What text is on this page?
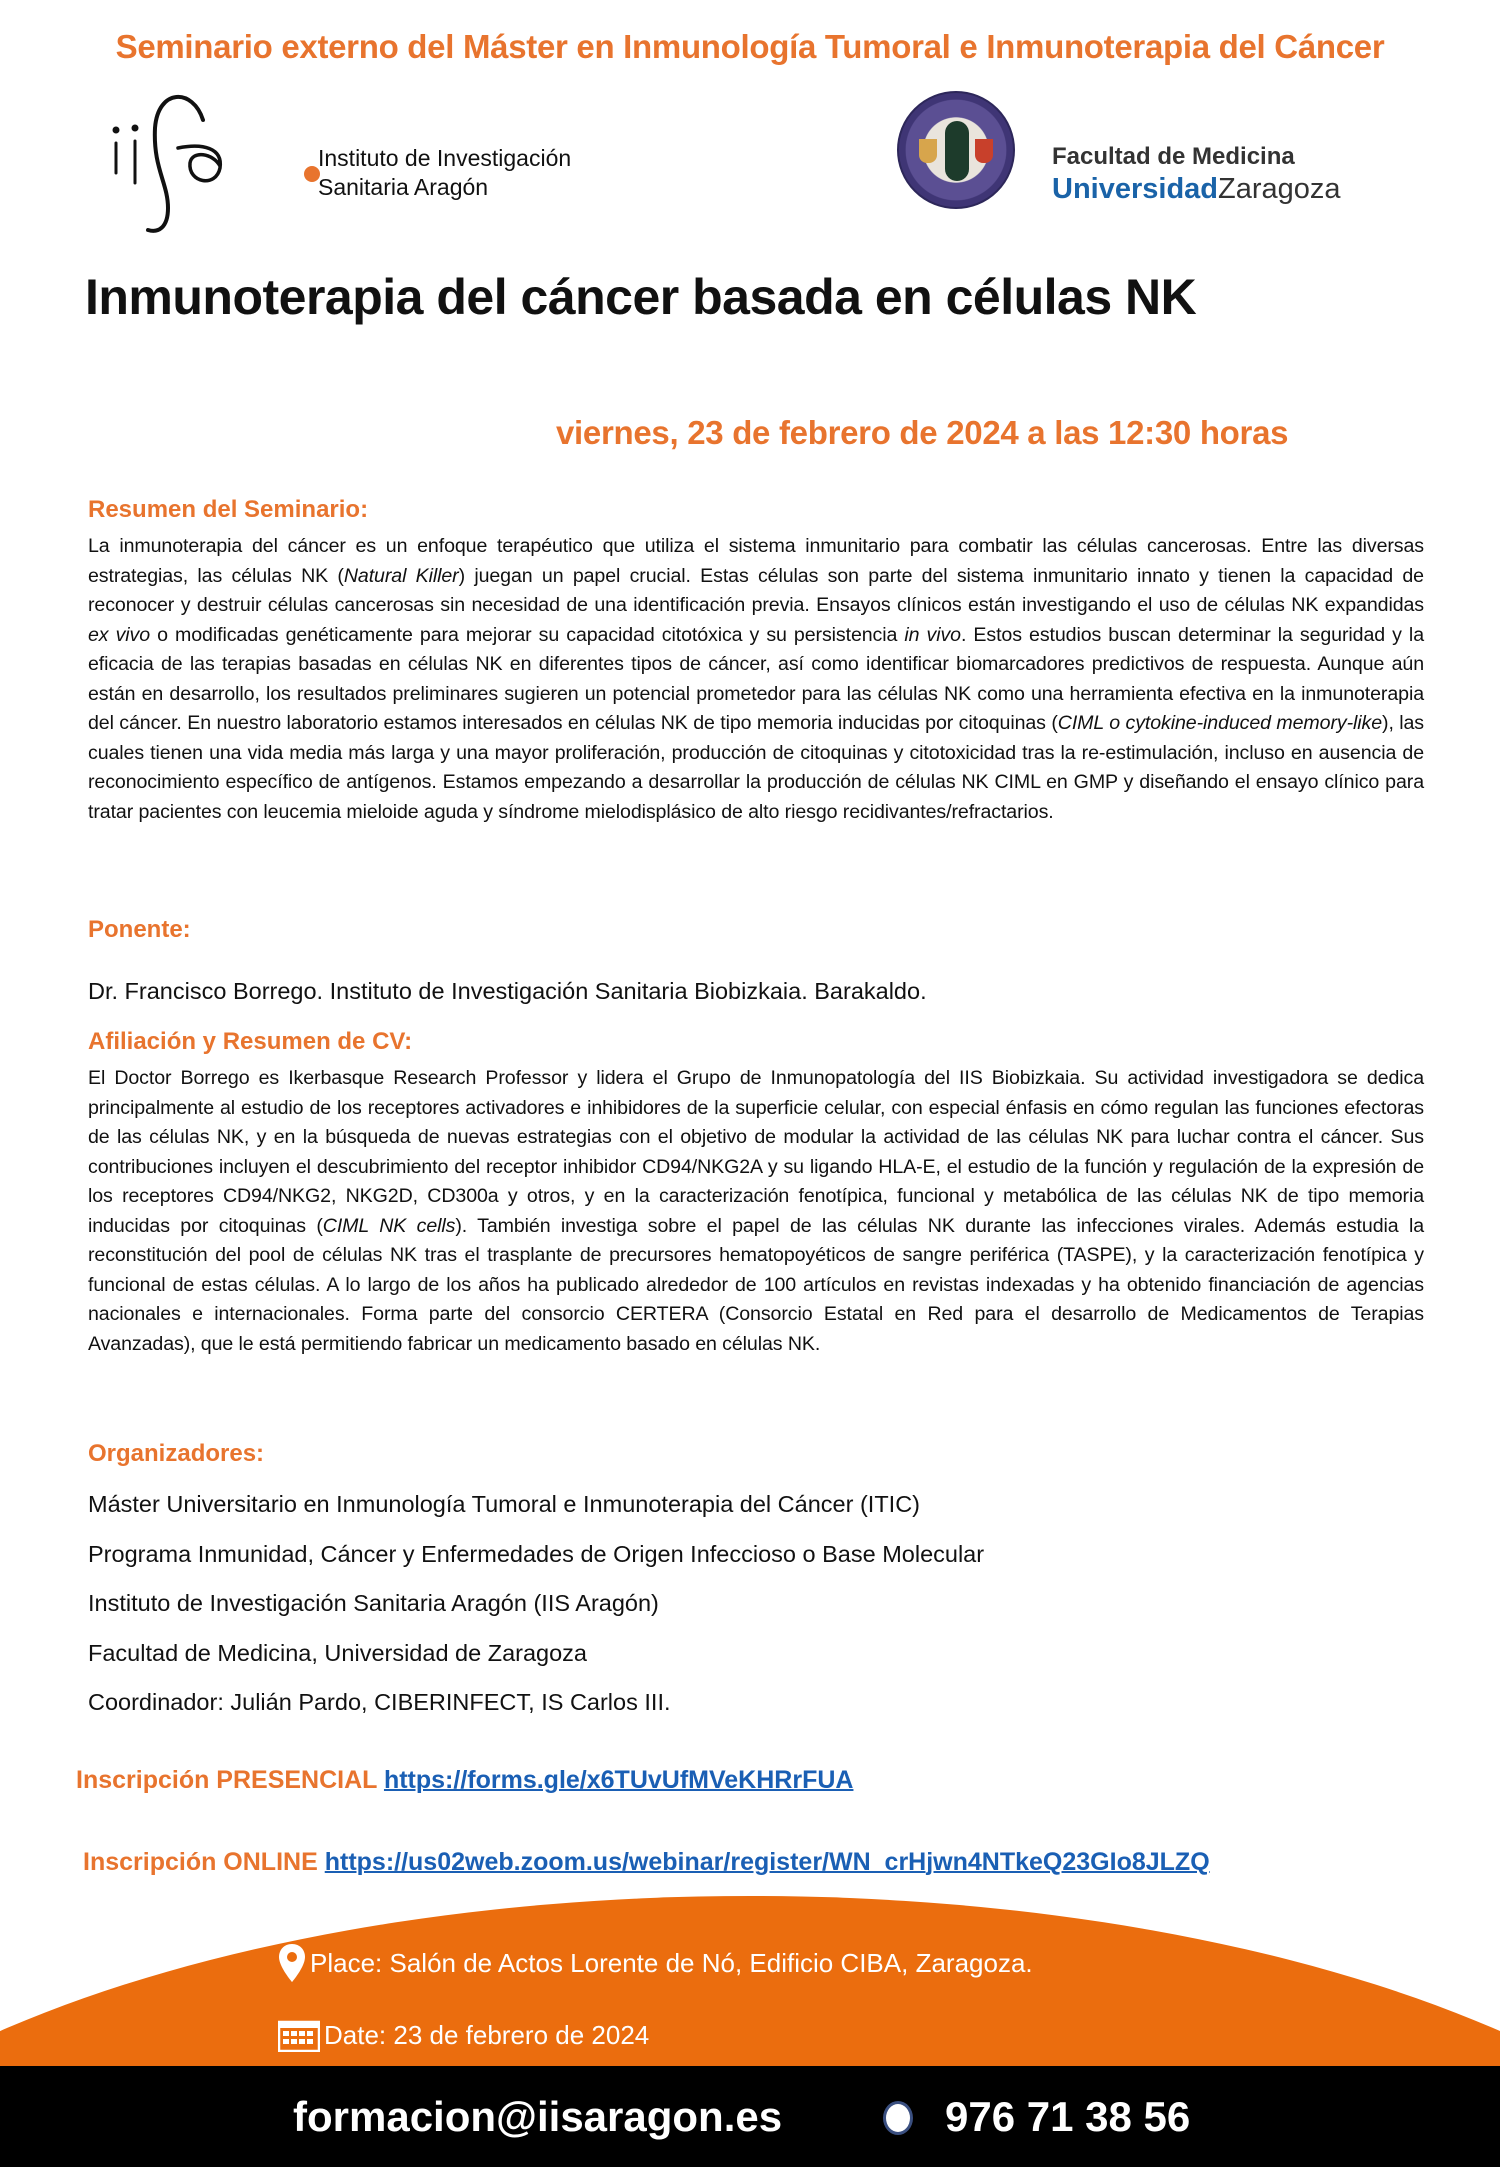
Seminario externo del Máster en Inmunología Tumoral e Inmunoterapia del Cáncer
Instituto de Investigación
Sanitaria Aragón
Facultad de Medicina
UniversidadZaragoza
Inmunoterapia del cáncer basada en células NK
viernes, 23 de febrero de 2024 a las 12:30 horas
Resumen del Seminario:
La inmunoterapia del cáncer es un enfoque terapéutico que utiliza el sistema inmunitario para combatir las células cancerosas. Entre las diversas estrategias, las células NK (Natural Killer) juegan un papel crucial. Estas células son parte del sistema inmunitario innato y tienen la capacidad de reconocer y destruir células cancerosas sin necesidad de una identificación previa. Ensayos clínicos están investigando el uso de células NK expandidas ex vivo o modificadas genéticamente para mejorar su capacidad citotóxica y su persistencia in vivo. Estos estudios buscan determinar la seguridad y la eficacia de las terapias basadas en células NK en diferentes tipos de cáncer, así como identificar biomarcadores predictivos de respuesta. Aunque aún están en desarrollo, los resultados preliminares sugieren un potencial prometedor para las células NK como una herramienta efectiva en la inmunoterapia del cáncer. En nuestro laboratorio estamos interesados en células NK de tipo memoria inducidas por citoquinas (CIML o cytokine-induced memory-like), las cuales tienen una vida media más larga y una mayor proliferación, producción de citoquinas y citotoxicidad tras la re-estimulación, incluso en ausencia de reconocimiento específico de antígenos. Estamos empezando a desarrollar la producción de células NK CIML en GMP y diseñando el ensayo clínico para tratar pacientes con leucemia mieloide aguda y síndrome mielodisplásico de alto riesgo recidivantes/refractarios.
Ponente:
Dr. Francisco Borrego. Instituto de Investigación Sanitaria Biobizkaia. Barakaldo.
Afiliación y Resumen de CV:
El Doctor Borrego es Ikerbasque Research Professor y lidera el Grupo de Inmunopatología del IIS Biobizkaia. Su actividad investigadora se dedica principalmente al estudio de los receptores activadores e inhibidores de la superficie celular, con especial énfasis en cómo regulan las funciones efectoras de las células NK, y en la búsqueda de nuevas estrategias con el objetivo de modular la actividad de las células NK para luchar contra el cáncer. Sus contribuciones incluyen el descubrimiento del receptor inhibidor CD94/NKG2A y su ligando HLA-E, el estudio de la función y regulación de la expresión de los receptores CD94/NKG2, NKG2D, CD300a y otros, y en la caracterización fenotípica, funcional y metabólica de las células NK de tipo memoria inducidas por citoquinas (CIML NK cells). También investiga sobre el papel de las células NK durante las infecciones virales. Además estudia la reconstitución del pool de células NK tras el trasplante de precursores hematopoyéticos de sangre periférica (TASPE), y la caracterización fenotípica y funcional de estas células. A lo largo de los años ha publicado alrededor de 100 artículos en revistas indexadas y ha obtenido financiación de agencias nacionales e internacionales. Forma parte del consorcio CERTERA (Consorcio Estatal en Red para el desarrollo de Medicamentos de Terapias Avanzadas), que le está permitiendo fabricar un medicamento basado en células NK.
Organizadores:
Máster Universitario en Inmunología Tumoral e Inmunoterapia del Cáncer (ITIC)
Programa Inmunidad, Cáncer y Enfermedades de Origen Infeccioso o Base Molecular
Instituto de Investigación Sanitaria Aragón (IIS Aragón)
Facultad de Medicina, Universidad de Zaragoza
Coordinador: Julián Pardo, CIBERINFECT, IS Carlos III.
Inscripción PRESENCIAL https://forms.gle/x6TUvUfMVeKHRrFUA
Inscripción ONLINE https://us02web.zoom.us/webinar/register/WN_crHjwn4NTkeQ23GIo8JLZQ
Place: Salón de Actos Lorente de Nó, Edificio CIBA, Zaragoza.
Date: 23 de febrero de 2024
formacion@iisaragon.es	976 71 38 56
